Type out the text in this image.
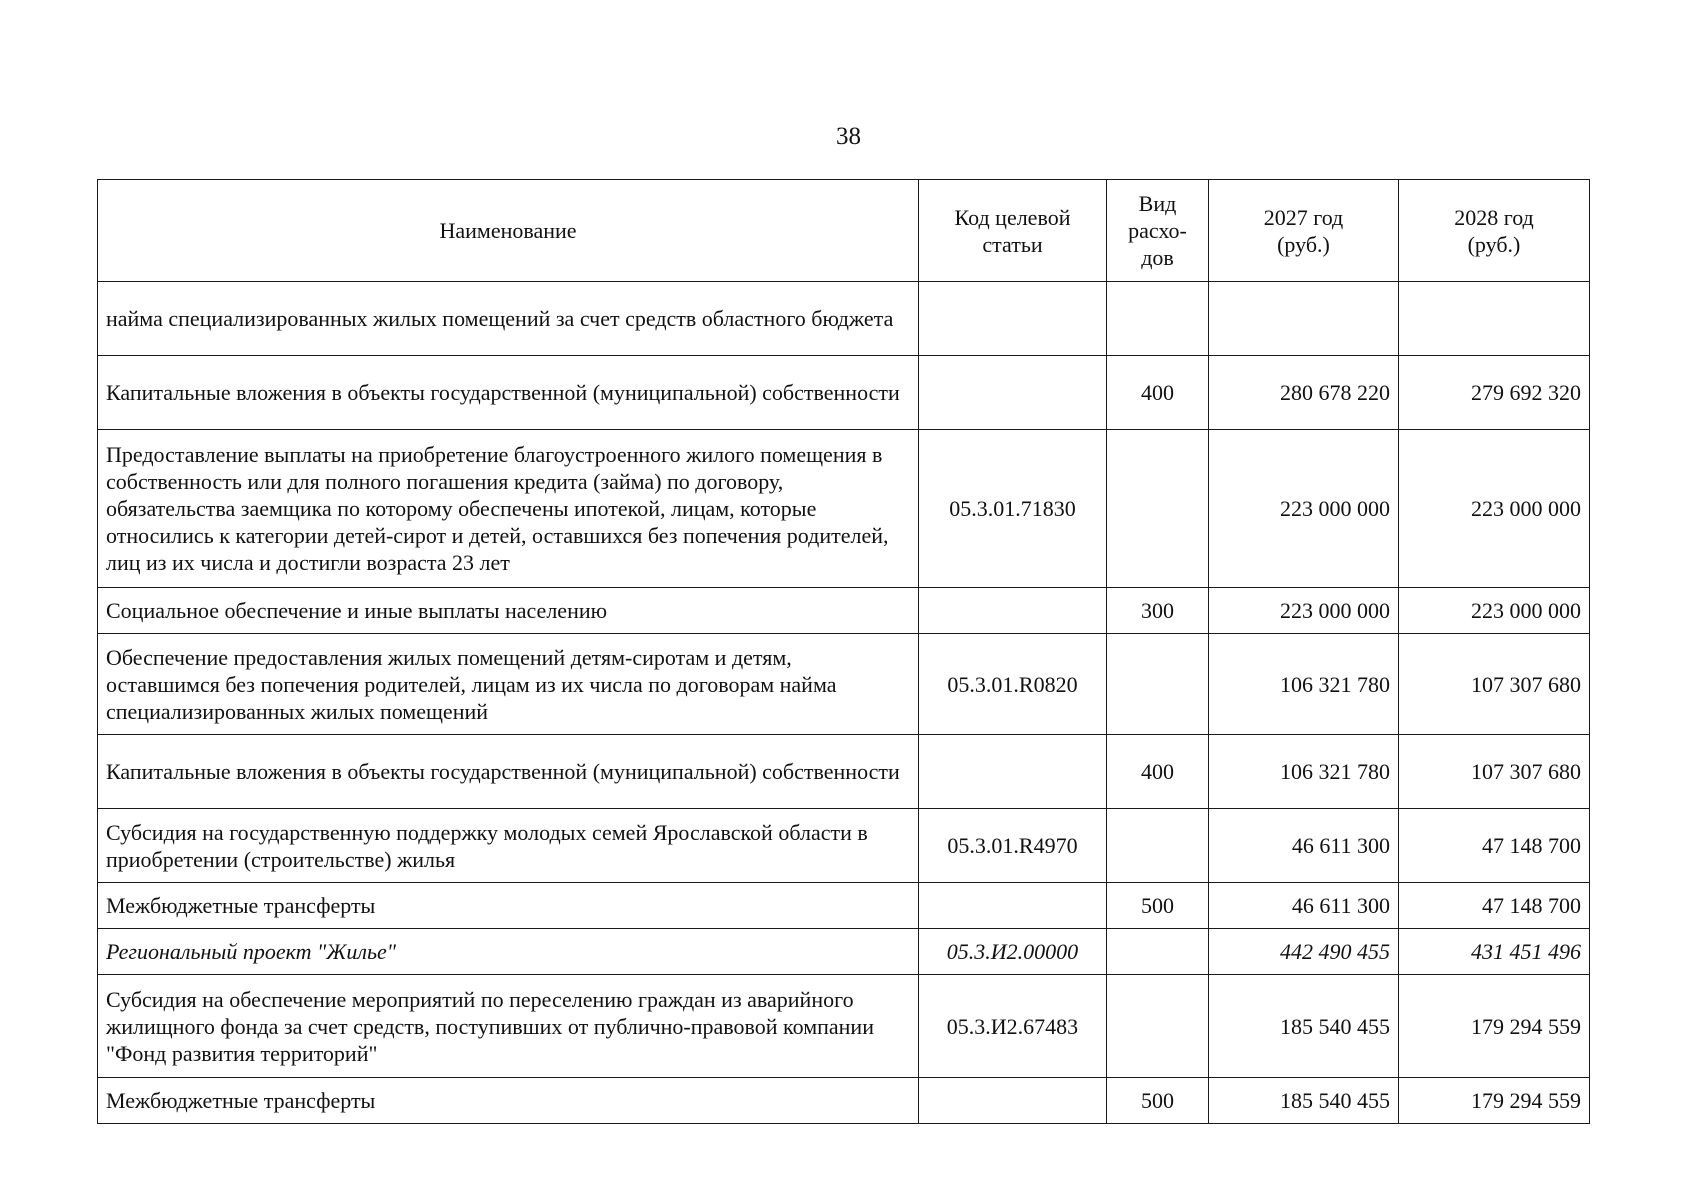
38
Наименование	Код целевой статьи	Вид расхо-дов	2027 год (руб.)	2028 год (руб.)

найма специализированных жилых помещений за счет средств областного бюджета				
Капитальные вложения в объекты государственной (муниципальной) собственности		400	280 678 220	279 692 320
Предоставление выплаты на приобретение благоустроенного жилого помещения в собственность или для полного погашения кредита (займа) по договору, обязательства заемщика по которому обеспечены ипотекой, лицам, которые относились к категории детей-сирот и детей, оставшихся без попечения родителей, лиц из их числа и достигли возраста 23 лет	05.3.01.71830		223 000 000	223 000 000
Социальное обеспечение и иные выплаты населению		300	223 000 000	223 000 000
Обеспечение предоставления жилых помещений детям-сиротам и детям, оставшимся без попечения родителей, лицам из их числа по договорам найма специализированных жилых помещений	05.3.01.R0820		106 321 780	107 307 680
Капитальные вложения в объекты государственной (муниципальной) собственности		400	106 321 780	107 307 680
Субсидия на государственную поддержку молодых семей Ярославской области в приобретении (строительстве) жилья	05.3.01.R4970		46 611 300	47 148 700
Межбюджетные трансферты		500	46 611 300	47 148 700
Региональный проект "Жилье"	05.3.И2.00000		442 490 455	431 451 496
Субсидия на обеспечение мероприятий по переселению граждан из аварийного жилищного фонда за счет средств, поступивших от публично-правовой компании "Фонд развития территорий"	05.3.И2.67483		185 540 455	179 294 559
Межбюджетные трансферты		500	185 540 455	179 294 559
